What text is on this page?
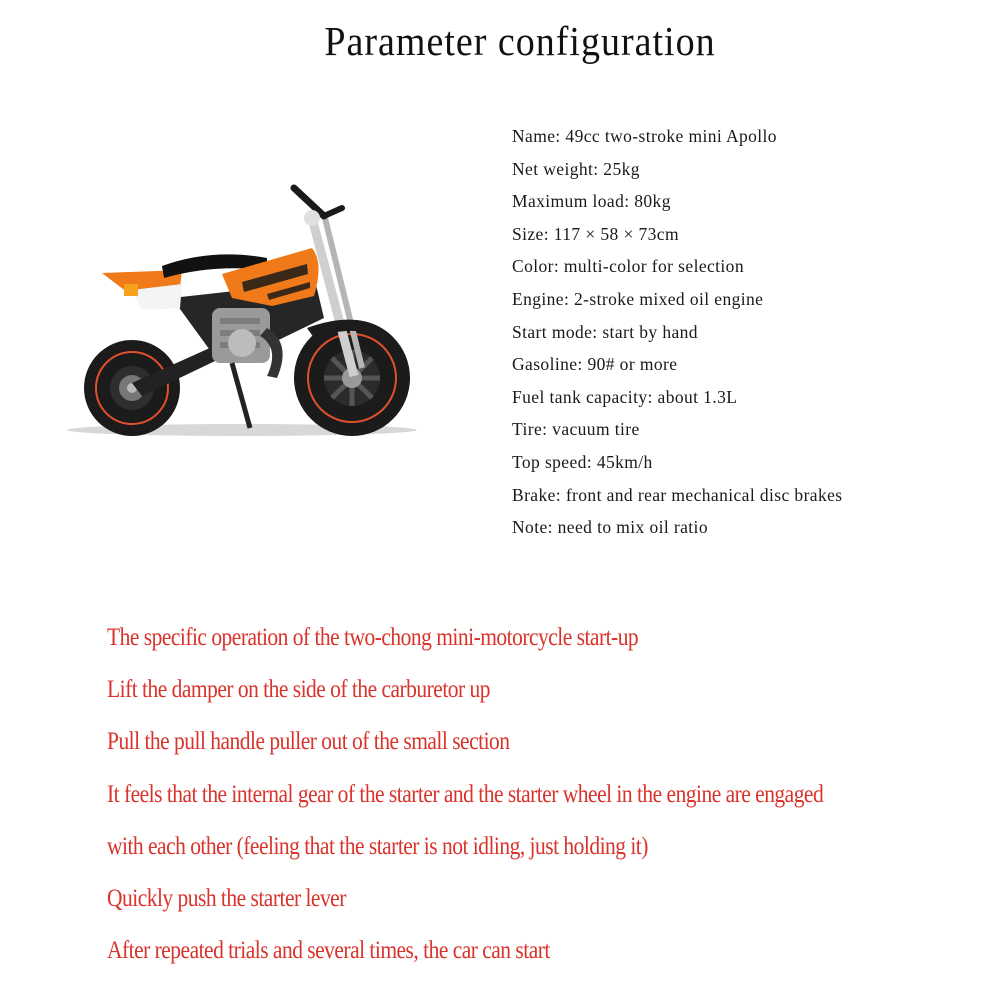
Parameter configuration
Name: 49cc two-stroke mini Apollo
Net weight: 25kg
Maximum load: 80kg
Size: 117 × 58 × 73cm
Color: multi-color for selection
Engine: 2-stroke mixed oil engine
Start mode: start by hand
Gasoline: 90# or more
Fuel tank capacity: about 1.3L
Tire: vacuum tire
Top speed: 45km/h
Brake: front and rear mechanical disc brakes
Note: need to mix oil ratio
The specific operation of the two-chong mini-motorcycle start-up
Lift the damper on the side of the carburetor up
Pull the pull handle puller out of the small section
It feels that the internal gear of the starter and the starter wheel in the engine are engaged
with each other (feeling that the starter is not idling, just holding it)
Quickly push the starter lever
After repeated trials and several times, the car can start
